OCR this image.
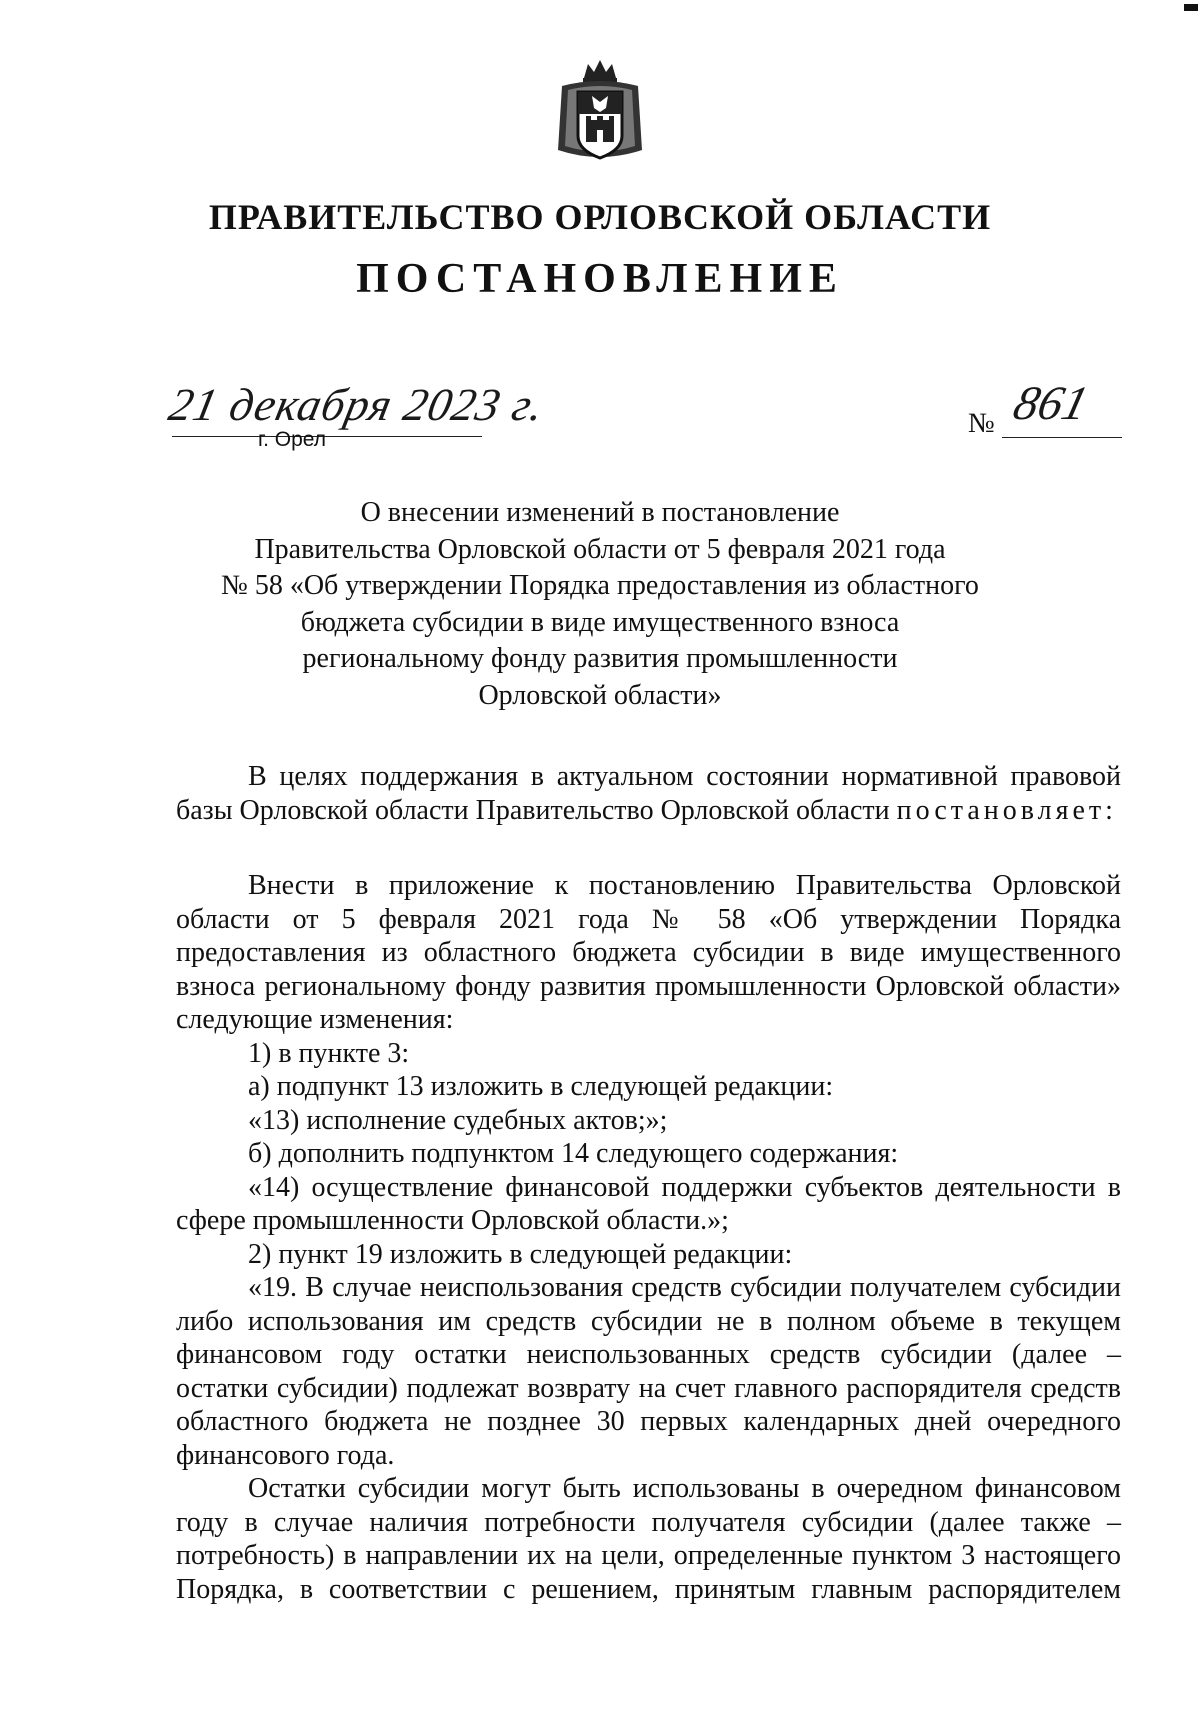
ПРАВИТЕЛЬСТВО ОРЛОВСКОЙ ОБЛАСТИ
ПОСТАНОВЛЕНИЕ
21 декабря 2023 г.
г. Орел
№ 861
О внесении изменений в постановление
Правительства Орловской области от 5 февраля 2021 года
№ 58 «Об утверждении Порядка предоставления из областного
бюджета субсидии в виде имущественного взноса
региональному фонду развития промышленности
Орловской области»

В целях поддержания в актуальном состоянии нормативной правовой базы Орловской области Правительство Орловской области постановляет:

Внести в приложение к постановлению Правительства Орловской области от 5 февраля 2021 года № 58 «Об утверждении Порядка предоставления из областного бюджета субсидии в виде имущественного взноса региональному фонду развития промышленности Орловской области» следующие изменения:

1) в пункте 3:

а) подпункт 13 изложить в следующей редакции:

«13) исполнение судебных актов;»;

б) дополнить подпунктом 14 следующего содержания:

«14) осуществление финансовой поддержки субъектов деятельности в сфере промышленности Орловской области.»;

2) пункт 19 изложить в следующей редакции:

«19. В случае неиспользования средств субсидии получателем субсидии либо использования им средств субсидии не в полном объеме в текущем финансовом году остатки неиспользованных средств субсидии (далее – остатки субсидии) подлежат возврату на счет главного распорядителя средств областного бюджета не позднее 30 первых календарных дней очередного финансового года.

Остатки субсидии могут быть использованы в очередном финансовом году в случае наличия потребности получателя субсидии (далее также – потребность) в направлении их на цели, определенные пунктом 3 настоящего Порядка, в соответствии с решением, принятым главным распорядителем
